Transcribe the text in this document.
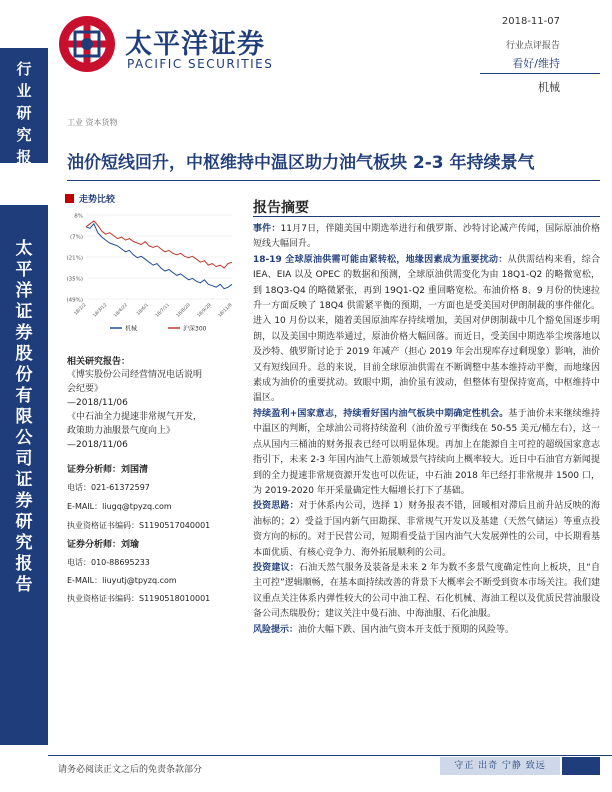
行
业
研
究
报
告
太
平
洋
证
券
股
份
有
限
公
司
证
券
研
究
报
告
太平洋证券
PACIFIC SECURITIES
2018-11-07
行业点评报告
看好/维持
机械
工业 资本货物
油价短线回升，中枢维持中温区助力油气板块 2-3 年持续景气
走势比较
8%
(7%)
(21%)
(35%)
(49%)
18/2/2 18/3/12 18/4/22 18/6/1 18/7/11 18/8/20 18/9/29 18/11/8
机械	沪深300
相关研究报告：
《博实股份公司经营情况电话说明
会纪要》
—2018/11/06
《中石油全力提速非常规气开发，
政策助力油服景气度向上》
—2018/11/06
证券分析师：刘国清
电话：021-61372597
E-MAIL：liugq@tpyzq.com
执业资格证书编码：S1190517040001
证券分析师：刘瑜
电话：010-88695233
E-MAIL：liuyutj@tpyzq.com
执业资格证书编码：S1190518010001
报告摘要

事件：11月7日，伴随美国中期选举进行和俄罗斯、沙特讨论减产传闻，国际原油价格短线大幅回升。

18-19 全球原油供需可能由紧转松，地缘因素成为重要扰动：从供需结构来看，综合 IEA、EIA 以及 OPEC 的数据和预测，全球原油供需变化为由 18Q1-Q2 的略微宽松，到 18Q3-Q4 的略微紧张，再到 19Q1-Q2 重回略宽松。布油价格 8、9 月份的快速拉升一方面反映了 18Q4 供需紧平衡的预期，一方面也是受美国对伊朗制裁的事件催化。进入 10 月份以来，随着美国原油库存持续增加，美国对伊朗制裁中几个豁免国逐步明朗，以及美国中期选举通过，原油价格大幅回落。而近日，受美国中期选举尘埃落地以及沙特、俄罗斯讨论于 2019 年减产（担心 2019 年会出现库存过剩现象）影响，油价又有短线回升。总的来说，目前全球原油供需在不断调整中基本维持动平衡，而地缘因素成为油价的重要扰动。致眼中期，油价虽有波动，但整体有望保持宽高，中枢维持中温区。

持续盈利+国家意志，持续看好国内油气板块中期确定性机会。基于油价未来继续维持中温区的判断，全球油公司将持续盈利（油价盈亏平衡线在 50-55 美元/桶左右），这一点从国内三桶油的财务报表已经可以明显体现。再加上在能源自主可控的超级国家意志指引下，未来 2-3 年国内油气上游领域景气持续向上概率较大。近日中石油官方新闻提到的全力提速非常规资源开发也可以佐证，中石油 2018 年已经打非常规井 1500 口，为 2019-2020 年开采量确定性大幅增长打下了基础。

投资思路：对于休系内公司，选择 1）财务报表不错，回暖相对滞后且前升站反映的海油标的；2）受益于国内新气田勘探、非常规气开发以及基建（天然气储运）等重点投资方向的标的。对于民营公司，短期看受益于国内油气大发展弹性的公司，中长期看基本面优质、有核心竞争力、海外拓展顺利的公司。

投资建议：石油天然气服务及装备是未来 2 年为数不多景气度确定性向上板块，且“自主可控”逻辑顺畅，在基本面持续改善的背景下大概率会不断受到资本市场关注。我们建议重点关注体系内弹性较大的公司中油工程、石化机械、海油工程以及优质民营油服设备公司杰瑞股份；建议关注中曼石油、中海油服、石化油服。

风险提示：油价大幅下跌、国内油气资本开支低于预期的风险等。

请务必阅读正文之后的免责条款部分	守正 出奇 宁静 致远
